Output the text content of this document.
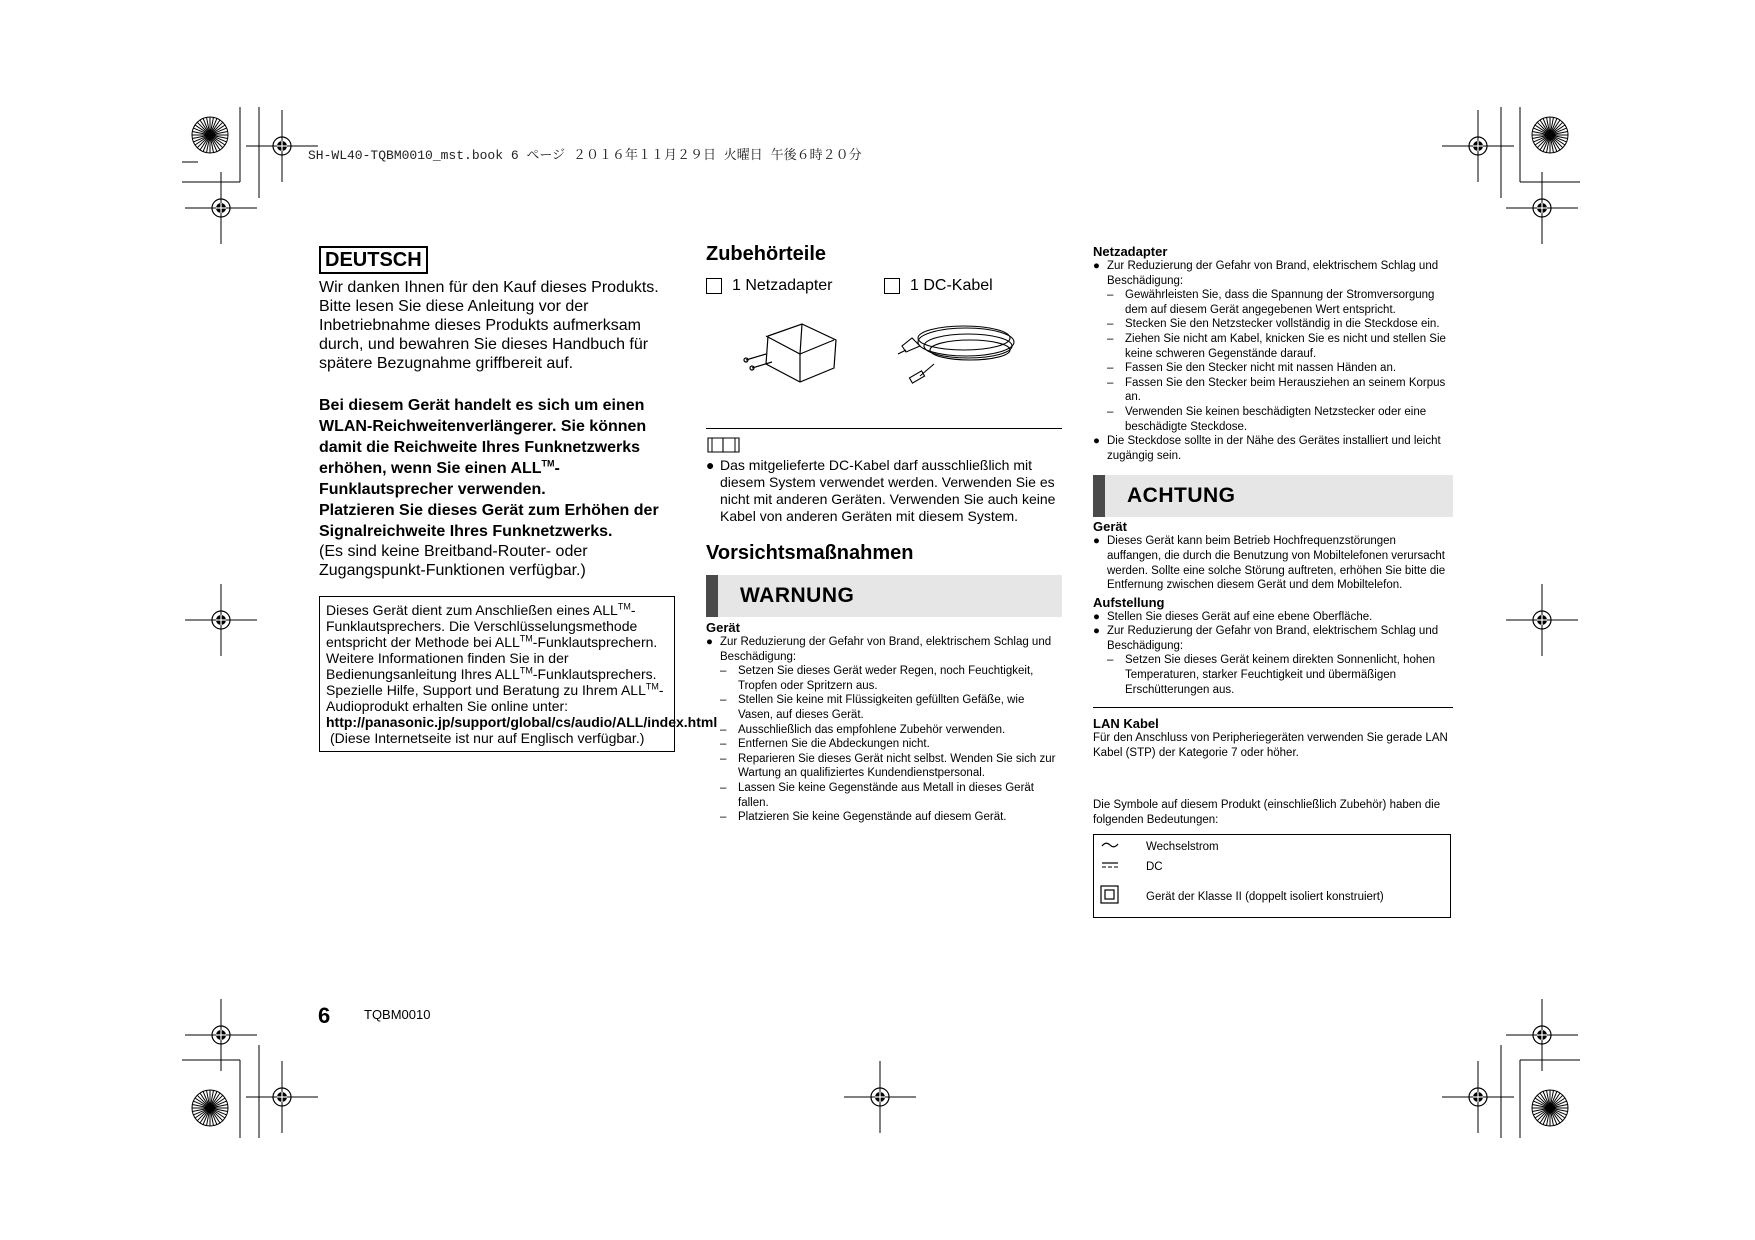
SH-WL40-TQBM0010_mst.book 6 ページ ２０１６年１１月２９日 火曜日 午後６時２０分
DEUTSCH

Wir danken Ihnen für den Kauf dieses Produkts.

Bitte lesen Sie diese Anleitung vor der Inbetriebnahme dieses Produkts aufmerksam durch, und bewahren Sie dieses Handbuch für spätere Bezugnahme griffbereit auf.

Bei diesem Gerät handelt es sich um einen WLAN-Reichweitenverlängerer. Sie können damit die Reichweite Ihres Funknetzwerks erhöhen, wenn Sie einen ALL™-Funklautsprecher verwenden.

Platzieren Sie dieses Gerät zum Erhöhen der Signalreichweite Ihres Funknetzwerks.

(Es sind keine Breitband-Router- oder Zugangspunkt-Funktionen verfügbar.)

Dieses Gerät dient zum Anschließen eines ALL™-Funklautsprechers. Die Verschlüsselungsmethode entspricht der Methode bei ALL™-Funklautsprechern.

Weitere Informationen finden Sie in der Bedienungsanleitung Ihres ALL™-Funklautsprechers.

Spezielle Hilfe, Support und Beratung zu Ihrem ALL™-Audioprodukt erhalten Sie online unter:

http://panasonic.jp/support/global/cs/audio/ALL/index.html

(Diese Internetseite ist nur auf Englisch verfügbar.)

Zubehörteile
1 Netzadapter	1 DC-Kabel
● Das mitgelieferte DC-Kabel darf ausschließlich mit diesem System verwendet werden. Verwenden Sie es nicht mit anderen Geräten. Verwenden Sie auch keine Kabel von anderen Geräten mit diesem System.
Vorsichtsmaßnahmen
WARNUNG
Gerät
● Zur Reduzierung der Gefahr von Brand, elektrischem Schlag und Beschädigung:
–	Setzen Sie dieses Gerät weder Regen, noch Feuchtigkeit, Tropfen oder Spritzern aus.
–	Stellen Sie keine mit Flüssigkeiten gefüllten Gefäße, wie Vasen, auf dieses Gerät.
–	Ausschließlich das empfohlene Zubehör verwenden.
–	Entfernen Sie die Abdeckungen nicht.
–	Reparieren Sie dieses Gerät nicht selbst. Wenden Sie sich zur Wartung an qualifiziertes Kundendienstpersonal.
–	Lassen Sie keine Gegenstände aus Metall in dieses Gerät fallen.
–	Platzieren Sie keine Gegenstände auf diesem Gerät.
Netzadapter
● Zur Reduzierung der Gefahr von Brand, elektrischem Schlag und Beschädigung:
–	Gewährleisten Sie, dass die Spannung der Stromversorgung dem auf diesem Gerät angegebenen Wert entspricht.
–	Stecken Sie den Netzstecker vollständig in die Steckdose ein.
–	Ziehen Sie nicht am Kabel, knicken Sie es nicht und stellen Sie keine schweren Gegenstände darauf.
–	Fassen Sie den Stecker nicht mit nassen Händen an.
–	Fassen Sie den Stecker beim Herausziehen an seinem Korpus an.
–	Verwenden Sie keinen beschädigten Netzstecker oder eine beschädigte Steckdose.
● Die Steckdose sollte in der Nähe des Gerätes installiert und leicht zugängig sein.
ACHTUNG
Gerät
● Dieses Gerät kann beim Betrieb Hochfrequenzstörungen auffangen, die durch die Benutzung von Mobiltelefonen verursacht werden. Sollte eine solche Störung auftreten, erhöhen Sie bitte die Entfernung zwischen diesem Gerät und dem Mobiltelefon.
Aufstellung
● Stellen Sie dieses Gerät auf eine ebene Oberfläche.
● Zur Reduzierung der Gefahr von Brand, elektrischem Schlag und Beschädigung:
–	Setzen Sie dieses Gerät keinem direkten Sonnenlicht, hohen Temperaturen, starker Feuchtigkeit und übermäßigen Erschütterungen aus.
LAN Kabel
Für den Anschluss von Peripheriegeräten verwenden Sie gerade LAN Kabel (STP) der Kategorie 7 oder höher.
Die Symbole auf diesem Produkt (einschließlich Zubehör) haben die folgenden Bedeutungen:
Wechselstrom
DC
Gerät der Klasse II (doppelt isoliert konstruiert)
6	TQBM0010
